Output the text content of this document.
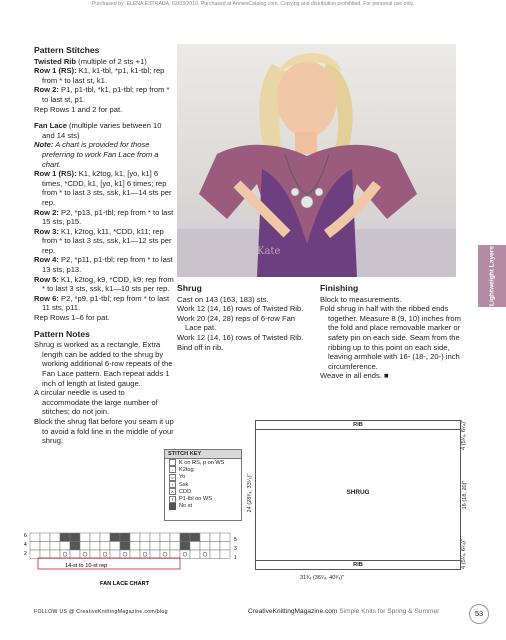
Purchased by: ELENA ESTRADA, 02/03/2010. Purchased at AnniesCatalog.com. Copying and distribution prohibited. For personal use only.
Pattern Stitches
Twisted Rib (multiple of 2 sts +1)
Row 1 (RS): K1, k1-tbl, *p1, k1-tbl; rep from * to last st, k1.
Row 2: P1, p1-tbl, *k1, p1-tbl; rep from * to last st, p1.
Rep Rows 1 and 2 for pat.
Fan Lace (multiple varies between 10 and 14 sts)
Note: A chart is provided for those preferring to work Fan Lace from a chart.
Row 1 (RS): K1, k2tog, k1, [yo, k1] 6 times, *CDD, k1, [yo, k1] 6 times; rep from * to last 3 sts, ssk, k1—14 sts per rep.
Row 2: P2, *p13, p1-tbl; rep from * to last 15 sts, p15.
Row 3: K1, k2tog, k11, *CDD, k11; rep from * to last 3 sts, ssk, k1—12 sts per rep.
Row 4: P2, *p11, p1-tbl; rep from * to last 13 sts, p13.
Row 5: K1, k2tog, k9, *CDD, k9; rep from * to last 3 sts, ssk, k1—10 sts per rep.
Row 6: P2, *p9, p1-tbl; rep from * to last 11 sts, p11.
Rep Rows 1–6 for pat.
Pattern Notes
Shrug is worked as a rectangle. Extra length can be added to the shrug by working additional 6-row repeats of the Fan Lace pattern. Each repeat adds 1 inch of length at listed gauge.
A circular needle is used to accommodate the large number of stitches; do not join.
Block the shrug flat before you seam it up to avoid a fold line in the middle of your shrug.
Kate	Lightweight Layers
Shrug
Cast on 143 (163, 183) sts.
Work 12 (14, 16) rows of Twisted Rib.
Work 20 (24, 28) reps of 6-row Fan Lace pat.
Work 12 (14, 16) rows of Twisted Rib.
Bind off in rib.
Finishing
Block to measurements.
Fold shrug in half with the ribbed ends together. Measure 8 (9, 10) inches from the fold and place removable marker or safety pin on each side. Seam from the ribbing up to this point on each side, leaving armhole with 16- (18-, 20-) inch circumference.
Weave in all ends. ■
STITCH KEY
K on RS, p on WS
/	K2tog
o Yo
\	Ssk
∧ CDD
ℓ	P1-tbl on WS
No st
14-st to 10-st rep
FAN LACE CHART
6
4
2
5
3
1
RIB
SHRUG
RIB
31³⁄₄ (36¹⁄₄, 40³⁄₄)"
24 (28³⁄₄, 33¹⁄₂)"	16 (18, 20)"
4 (5¹⁄₄, 6¹⁄₄)"
4 (5¹⁄₄, 6¹⁄₄)"
FOLLOW US @ CreativeKnittingMagazine.com/blog	CreativeKnittingMagazine.com Simple Knits for Spring & Summer	53
